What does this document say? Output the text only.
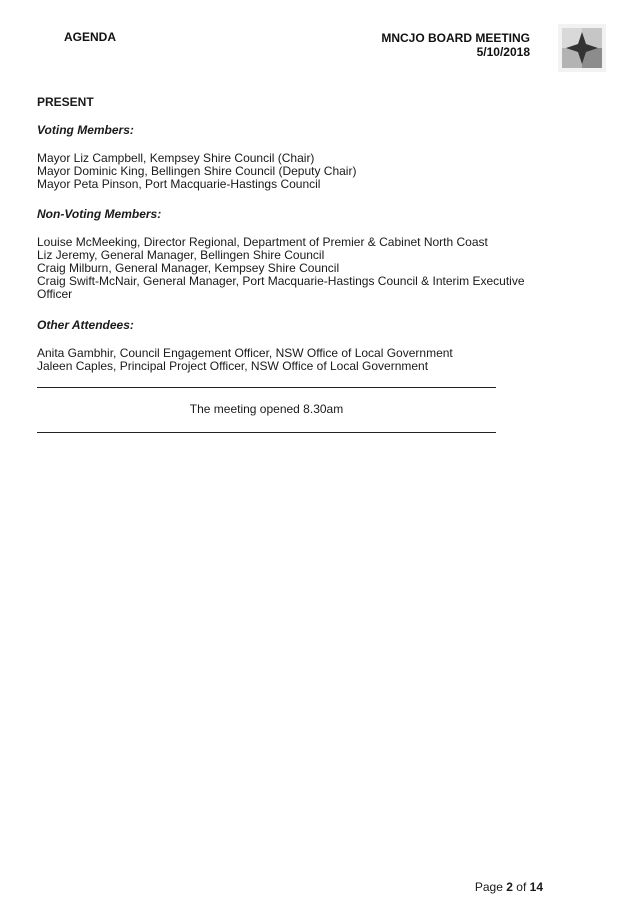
AGENDA	MNCJO BOARD MEETING
5/10/2018
PRESENT
Voting Members:
Mayor Liz Campbell, Kempsey Shire Council (Chair)
Mayor Dominic King, Bellingen Shire Council (Deputy Chair)
Mayor Peta Pinson, Port Macquarie-Hastings Council
Non-Voting Members:
Louise McMeeking, Director Regional, Department of Premier & Cabinet North Coast
Liz Jeremy, General Manager, Bellingen Shire Council
Craig Milburn, General Manager, Kempsey Shire Council
Craig Swift-McNair, General Manager, Port Macquarie-Hastings Council & Interim Executive
Officer
Other Attendees:
Anita Gambhir, Council Engagement Officer, NSW Office of Local Government
Jaleen Caples, Principal Project Officer, NSW Office of Local Government
The meeting opened 8.30am
Page 2 of 14
